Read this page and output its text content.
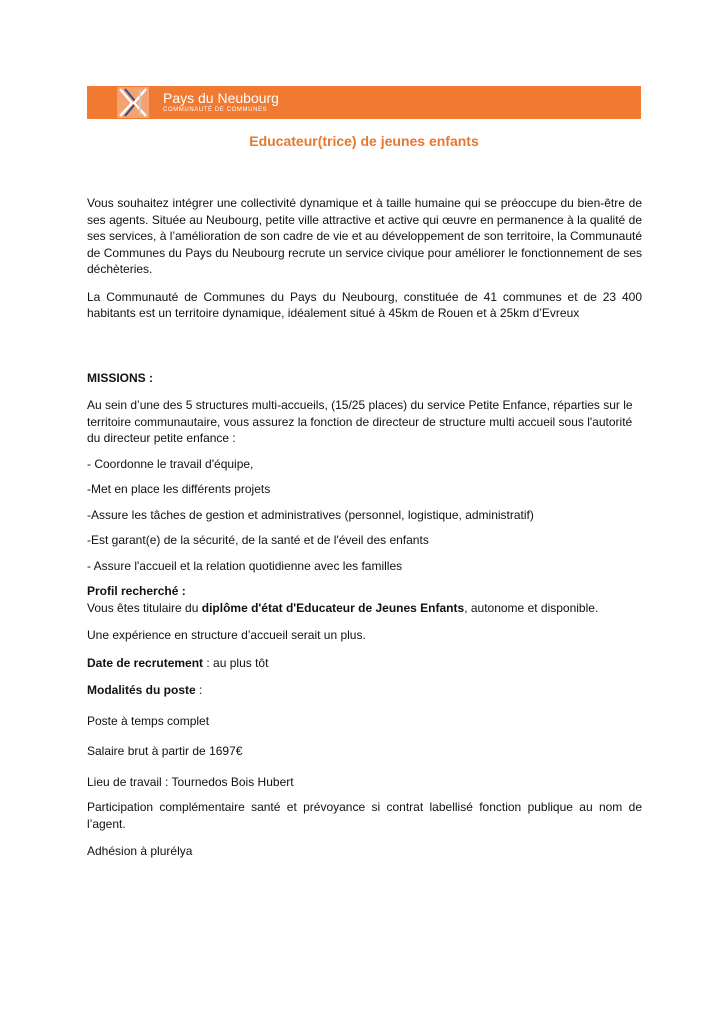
Pays du Neubourg
COMMUNAUTÉ DE COMMUNES
Educateur(trice) de jeunes enfants

Vous souhaitez intégrer une collectivité dynamique et à taille humaine qui se préoccupe du bien-être de ses agents. Située au Neubourg, petite ville attractive et active qui œuvre en permanence à la qualité de ses services, à l’amélioration de son cadre de vie et au développement de son territoire, la Communauté de Communes du Pays du Neubourg recrute un service civique pour améliorer le fonctionnement de ses déchèteries.

La Communauté de Communes du Pays du Neubourg, constituée de 41 communes et de 23 400 habitants est un territoire dynamique, idéalement situé à 45km de Rouen et à 25km d’Evreux

MISSIONS :

Au sein d’une des 5 structures multi-accueils, (15/25 places) du service Petite Enfance, réparties sur le territoire communautaire, vous assurez la fonction de directeur de structure multi accueil sous l'autorité du directeur petite enfance :

- Coordonne le travail d'équipe,

-Met en place les différents projets

-Assure les tâches de gestion et administratives (personnel, logistique, administratif)

-Est garant(e) de la sécurité, de la santé et de l'éveil des enfants

- Assure l'accueil et la relation quotidienne avec les familles

Profil recherché :

Vous êtes titulaire du diplôme d'état d'Educateur de Jeunes Enfants, autonome et disponible.

Une expérience en structure d’accueil serait un plus.

Date de recrutement : au plus tôt

Modalités du poste :

Poste à temps complet

Salaire brut à partir de 1697€

Lieu de travail : Tournedos Bois Hubert

Participation complémentaire santé et prévoyance si contrat labellisé fonction publique au nom de l’agent.

Adhésion à plurélya
